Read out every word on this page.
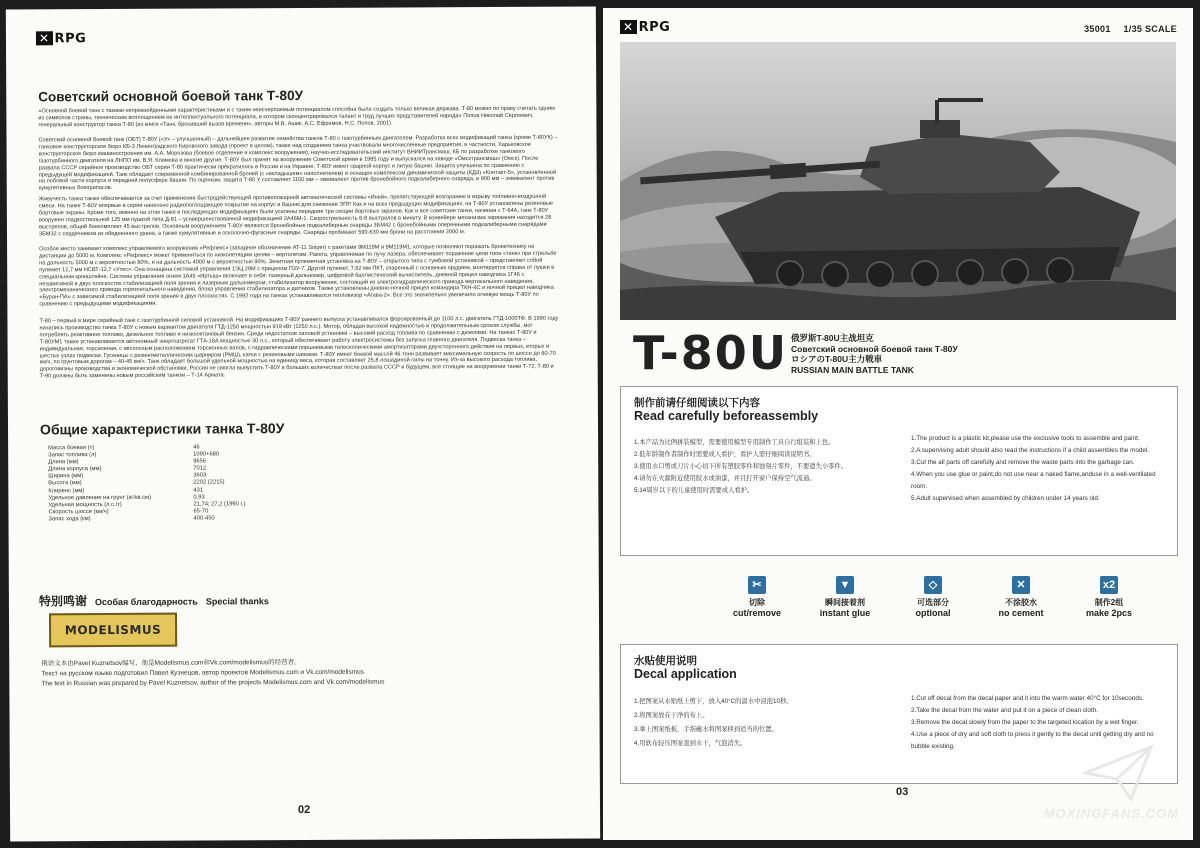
✕ RPG
Советский основной боевой танк Т-80У

«Основной боевой танк с такими непревзойденными характеристиками и с таким неисчерпаемым потенциалом способна была создать только великая держава. Т-80 можно по праву считать одним из символов страны, техническим воплощением ее интеллектуального потенциала, в котором сконцентрировался талант и труд лучших представителей народа» Попов Николай Сергеевич, генеральный конструктор танка Т-80 (из книги «Танк, бросивший вызов времени», авторы М.В. Ашик, А.С. Ефремов, Н.С. Попов, 2001)

Советский основной боевой танк (ОБТ) Т-80У («У» – улучшенный) – дальнейшее развитие семейства танков Т-80 с газотурбинным двигателем. Разработка всех модификаций танка (кроме Т-80УК) – танковое конструкторское бюро КБ-3 Ленинградского Кировского завода (проект в целом), также над созданием танка участвовали многочисленные предприятия, в частности, Харьковское конструкторское бюро машиностроения им. А.А. Морозова (боевое отделение и комплекс вооружения), научно-исследовательский институт ВНИИТрансмаш, КБ по разработке танкового газотурбинного двигателя на ЛНПО им. В.Я. Климова и многие другие. Т-80У был принят на вооружение Советской армии в 1985 году и выпускался на заводе «Омсктрансмаш» (Омск). После развала СССР серийное производство ОБТ серии Т-80 практически прекратилось в России и на Украине. Т-80У имеет сварной корпус и литую башню. Защита улучшена по сравнению с предыдущей модификацией. Танк обладает современной комбинированной броней (с «вкладышем» наполнителем) и оснащен комплексом динамической защиты (КДЗ) «Контакт-5», установленной на лобовой части корпуса и передней полусфере башни. По оценкам, защита Т-80 У составляет 1100 мм – эквивалент против бронебойного подкалиберного снаряда, и 900 мм – эквивалент против кумулятивных боеприпасов.

Живучесть танка также обеспечивается за счет применения быстродействующей противопожарной автоматической системы «Иней», препятствующей возгоранию и взрыву топливно-воздушной смеси. На танке Т-80У впервые в серии нанесено радиопоглощающее покрытие на корпус и башню для снижения ЭПР. Как и на всех предыдущих модификациях, на Т-80У установлены резиновые бортовые экраны. Кроме того, именно на этом танке и последующих модификациях были усилены передние три секции бортовых экранов. Как и все советские танки, начиная с Т-64А, танк Т-80У вооружен гладкоствольной 125 мм пушкой типа Д-81 – усовершенствованной модификацией 2А46М-1. Скорострельность 6-8 выстрелов в минуту. В конвейере механизма заряжания находится 28 выстрелов, общий боекомплект 45 выстрелов. Основным вооружением Т-80У являются бронебойные подкалиберные снаряды 3БМ42 с бронебойными оперенными подкалиберными снарядами 3БМ32 с сердечником из обедненного урана, а также кумулятивные и осколочно-фугасные снаряды. Снаряды пробивают 590-630 мм брони на расстоянии 2000 м.

Особое место занимает комплекс управляемого вооружения «Рефлекс» (западное обозначение AT-11 Sniper) с ракетами 9М119М и 9М119М1, которые позволяют поражать бронетехнику на дистанции до 5000 м. Комплекс «Рефлекс» может применяться по низколетящим целям – вертолетам. Ракета, управляемая по лучу лазера, обеспечивает поражение цели типа «танк» при стрельбе на дальность 5000 м с вероятностью 80%, и на дальность 4000 м с вероятностью 90%. Зенитная пулеметная установка на Т-80У – открытого типа с тумбовой установкой – представляет собой пулемет 12,7 мм НСВТ-12,7 «Утес». Она оснащена системой управления 1ЭЦ 29М с прицелом П3У-7. Другой пулемет, 7,62 мм ПКТ, спаренный с основным орудием, монтируется справа от пушки в специальном кронштейне. Система управления огнем 1А45 «Иртыш» включает в себя: лазерный дальномер, цифровой баллистический вычислитель, дневной прицел наводчика 1Г46 с независимой в двух плоскостях стабилизацией поля зрения и лазерным дальномером, стабилизатор вооружения, состоящий из электрогидравлического привода вертикального наведения, электромеханического привода горизонтального наведения, блока управления стабилизатора и датчиков. Также установлены дневно-ночной прицел командира ТКН-4С и ночной прицел наводчика «Буран-ПА» с зависимой стабилизацией поля зрения в двух плоскостях. С 1992 года на танках устанавливался тепловизор «Агава-2». Все это значительно увеличило огневую мощь Т-80У по сравнению с предыдущими модификациями.

Т-80 – первый в мире серийный танк с газотурбинной силовой установкой. На модификациях Т-80У раннего выпуска устанавливался форсированный до 1100 л.с. двигатель ГТД-1000ТФ. В 1990 году начались производство танка Т-80У с новым вариантом двигателя ГТД-1250 мощностью 919 кВт (1250 л.с.). Мотор, обладая высокой надежностью и продолжительным сроком службы, мог потреблять реактивное топливо, дизельное топливо и низкооктановый бензин. Среди недостатков силовой установки – высокий расход топлива по сравнению с дизелями. На танках Т-80У и Т-80УМ1 также устанавливается автономный энергоагрегат ГТА-18А мощностью 30 л.с., который обеспечивает работу электросистемы без запуска главного двигателя. Подвеска танка – индивидуальная, торсионная, с несоосным расположением торсионных валов, с гидравлическими поршневыми телескопическими амортизаторами двухсторонного действия на первых, вторых и шестых узлах подвески. Гусеницы с резинометаллическим шарниром (РМШ), катки с резиновыми шинами. Т-80У имеет боевой массой 46 тонн развивает максимальную скорость по шоссе до 60-70 км/ч, по грунтовым дорогам – 40-45 км/ч. Танк обладает большой удельной мощностью на единицу веса, которая составляет 25,8 лошадиной силы на тонну. Из-за высокого расхода топлива, дороговизны производства и экономической обстановки, Россия не смогла выпустить Т-80У в больших количествах после развала СССР и будущем, все стоящие на вооружении танки Т-72, Т-80 и Т-90 должны быть заменены новым российским танком – Т-14 Армата.

Общие характеристики танка Т-80У
Масса боевая (т)	46
Запас топлива (л)	1090+680
Длина (мм)	9656
Длина корпуса (мм)	7012
Ширина (мм)	3603
Высота (мм)	2202 (2215)
Клиренс (мм)	431
Удельное давление на грунт (кг/кв.см)	0,93
Удельная мощность (л.с./т)	21,74; 27,2 (1990 г.)
Скорость шоссе (км/ч)	65-70
Запас хода (км)	400-450
特别鸣谢 Особая благодарность Special thanks
MODELISMUS
俄语文本由Pavel Kuznetsov编写，他是Modelismus.com和Vk.com/modelismus的经营者。
Текст на русском языке подготовил Павел Кузнецов, автор проектов Modelismus.com и Vk.com/modelismus
The text in Russian was prepared by Pavel Kuznetsov, author of the projects Modelismus.com and Vk.com/modelismus
02
✕ RPG	35001 1/35 SCALE
T-80U 俄罗斯T-80U主战坦克
Советский основной боевой танк Т-80У
ロシアのT-80U主力戦車
RUSSIAN MAIN BATTLE TANK
制作前请仔细阅读以下内容
Read carefully beforeassembly
1.本产品为比例拼装模型，需要使用模型专用制作工具自行组装和上色。
2.低年龄制作者制作时需要成人看护，看护人需仔细阅读说明书。
3.使用水口剪或刀片小心切下所有塑胶零件和蚀刻片零件，不要遗失小零件。
4.请勿在火源附近使用胶水或油漆，并且打开窗户保持空气流通。
5.14周岁以下的儿童使用时需要成人看护。
1.The product is a plastic kit,please use the exclusive tools to assemble and paint.
2.A supervising adult should also read the instructions if a child assembles the model.
3.Cut the all parts off carefully and remove the waste parts into the garbage can.
4.When you use glue or paint,do not use near a naked flame,anduse in a well-ventilated room.
5.Adult supervised when assembled by children under 14 years old.
✂
切除
cut/remove
▼
瞬间接着剂
instant glue
◇
可选部分
optional
✕
不涂胶水
no cement
x2
制作2组
make 2pcs
水贴使用说明
Decal application
1.把图案从水贴纸上剪下，放入40°C的温水中浸泡10秒。
2.将图案放在干净的布上。
3.拿上图案纸板，手指蘸水将图案移到适当的位置。
4.用软布轻压图案直到水干，气泡消失。
1.Cut off decal from the decal paper and it into the warm water 40°C for 10seconds.
2.Take the decal from the water and put it on a piece of clean cloth.
3.Remove the decal slowly from the paper to the targeted location by a wet finger.
4.Use a piece of dry and soft cloth to press it gently to the decal until getting dry and no bubble existing.
03
MOXINGFANS.COM
